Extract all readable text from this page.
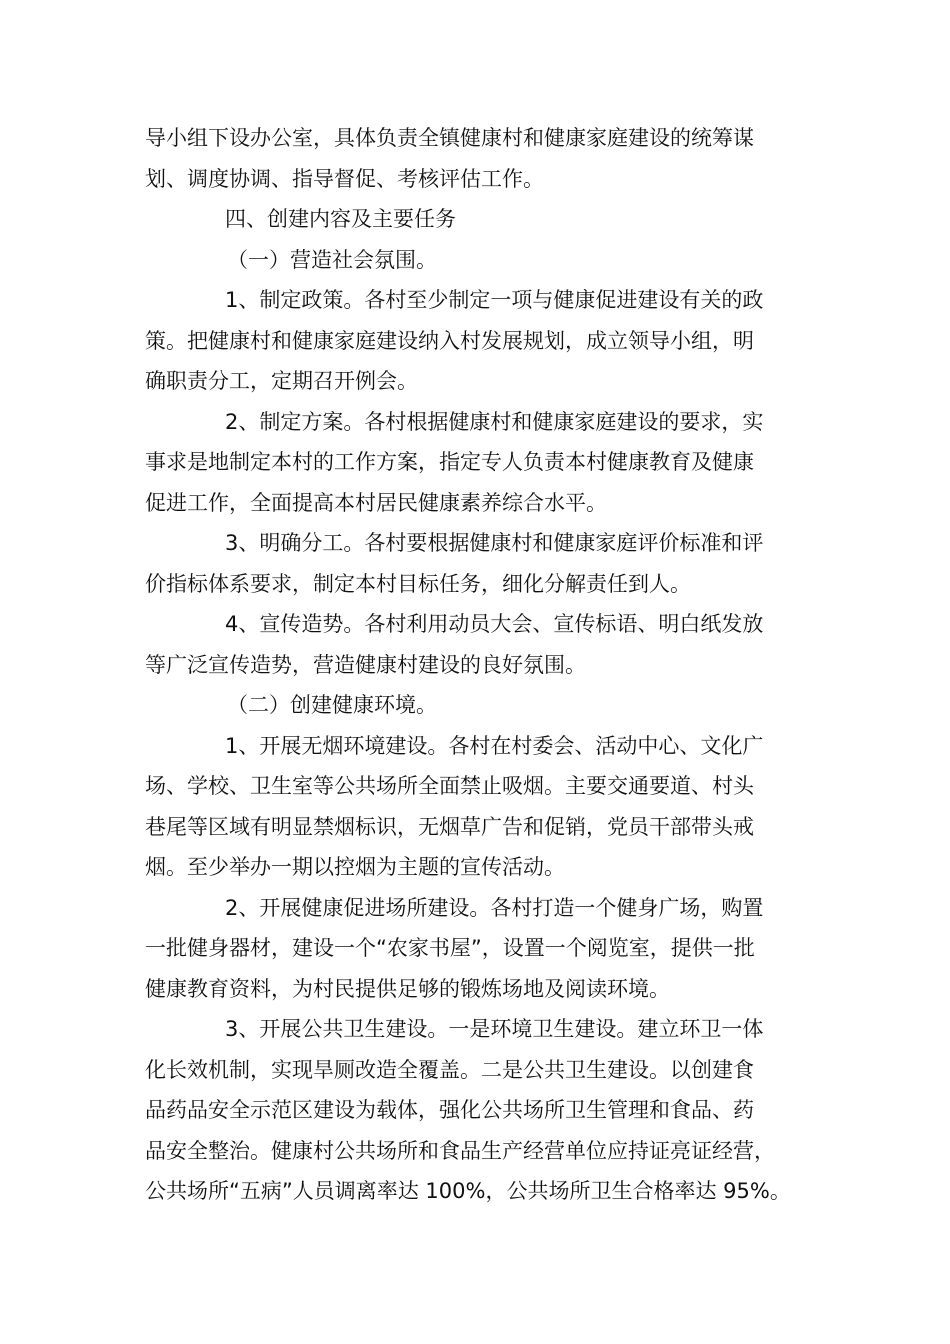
导小组下设办公室，具体负责全镇健康村和健康家庭建设的统筹谋
划、调度协调、指导督促、考核评估工作。
四、创建内容及主要任务
（一）营造社会氛围。
1、制定政策。各村至少制定一项与健康促进建设有关的政
策。把健康村和健康家庭建设纳入村发展规划，成立领导小组，明
确职责分工，定期召开例会。
2、制定方案。各村根据健康村和健康家庭建设的要求，实
事求是地制定本村的工作方案，指定专人负责本村健康教育及健康
促进工作，全面提高本村居民健康素养综合水平。
3、明确分工。各村要根据健康村和健康家庭评价标准和评
价指标体系要求，制定本村目标任务，细化分解责任到人。
4、宣传造势。各村利用动员大会、宣传标语、明白纸发放
等广泛宣传造势，营造健康村建设的良好氛围。
（二）创建健康环境。
1、开展无烟环境建设。各村在村委会、活动中心、文化广
场、学校、卫生室等公共场所全面禁止吸烟。主要交通要道、村头
巷尾等区域有明显禁烟标识，无烟草广告和促销，党员干部带头戒
烟。至少举办一期以控烟为主题的宣传活动。
2、开展健康促进场所建设。各村打造一个健身广场，购置
一批健身器材，建设一个“农家书屋”，设置一个阅览室，提供一批
健康教育资料，为村民提供足够的锻炼场地及阅读环境。
3、开展公共卫生建设。一是环境卫生建设。建立环卫一体
化长效机制，实现旱厕改造全覆盖。二是公共卫生建设。以创建食
品药品安全示范区建设为载体，强化公共场所卫生管理和食品、药
品安全整治。健康村公共场所和食品生产经营单位应持证亮证经营，
公共场所“五病”人员调离率达 100%，公共场所卫生合格率达 95%。
